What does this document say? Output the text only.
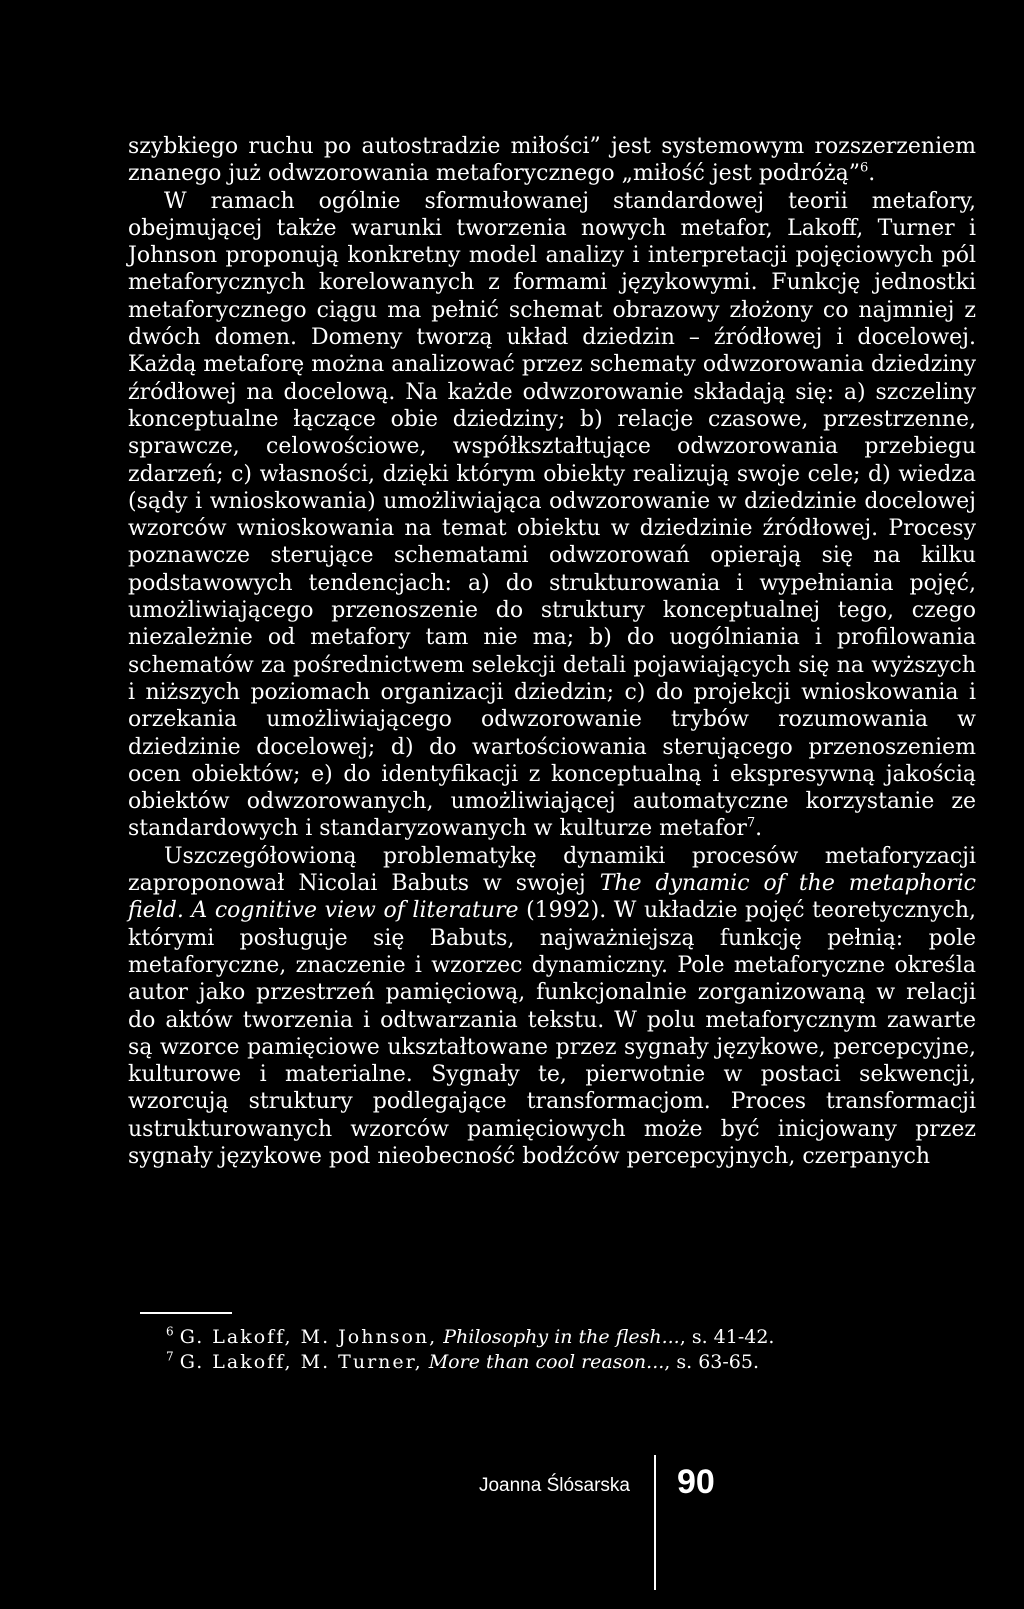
szybkiego ruchu po autostradzie miłości” jest systemowym rozszerzeniem znanego już odwzorowania metaforycznego „miłość jest podróżą”$^6$.

W ramach ogólnie sformułowanej standardowej teorii metafory, obejmującej także warunki tworzenia nowych metafor, Lakoff, Turner i Johnson proponują konkretny model analizy i interpretacji pojęciowych pól metaforycznych korelowanych z formami językowymi. Funkcję jednostki metaforycznego ciągu ma pełnić schemat obrazowy złożony co najmniej z dwóch domen. Domeny tworzą układ dziedzin – źródłowej i docelowej. Każdą metaforę można analizować przez schematy odwzorowania dziedziny źródłowej na docelową. Na każde odwzorowanie składają się: a) szczeliny konceptualne łączące obie dziedziny; b) relacje czasowe, przestrzenne, sprawcze, celowościowe, współkształtujące odwzorowania przebiegu zdarzeń; c) własności, dzięki którym obiekty realizują swoje cele; d) wiedza (sądy i wnioskowania) umożliwiająca odwzorowanie w dziedzinie docelowej wzorców wnioskowania na temat obiektu w dziedzinie źródłowej. Procesy poznawcze sterujące schematami odwzorowań opierają się na kilku podstawowych tendencjach: a) do strukturowania i wypełniania pojęć, umożliwiającego przenoszenie do struktury konceptualnej tego, czego niezależnie od metafory tam nie ma; b) do uogólniania i profilowania schematów za pośrednictwem selekcji detali pojawiających się na wyższych i niższych poziomach organizacji dziedzin; c) do projekcji wnioskowania i orzekania umożliwiającego odwzorowanie trybów rozumowania w dziedzinie docelowej; d) do wartościowania sterującego przenoszeniem ocen obiektów; e) do identyfikacji z konceptualną i ekspresywną jakością obiektów odwzorowanych, umożliwiającej automatyczne korzystanie ze standardowych i standaryzowanych w kulturze metafor$^7$.

Uszczegółowioną problematykę dynamiki procesów metaforyzacji zaproponował Nicolai Babuts w swojej The dynamic of the metaphoric field. A cognitive view of literature (1992). W układzie pojęć teoretycznych, którymi posługuje się Babuts, najważniejszą funkcję pełnią: pole metaforyczne, znaczenie i wzorzec dynamiczny. Pole metaforyczne określa autor jako przestrzeń pamięciową, funkcjonalnie zorganizowaną w relacji do aktów tworzenia i odtwarzania tekstu. W polu metaforycznym zawarte są wzorce pamięciowe ukształtowane przez sygnały językowe, percepcyjne, kulturowe i materialne. Sygnały te, pierwotnie w postaci sekwencji, wzorcują struktury podlegające transformacjom. Proces transformacji ustrukturowanych wzorców pamięciowych może być inicjowany przez sygnały językowe pod nieobecność bodźców percepcyjnych, czerpanych

$^6$ G. Lakoff, M. Johnson, Philosophy in the flesh..., s. 41-42.
$^7$ G. Lakoff, M. Turner, More than cool reason..., s. 63-65.
Joanna Ślósarska 90
